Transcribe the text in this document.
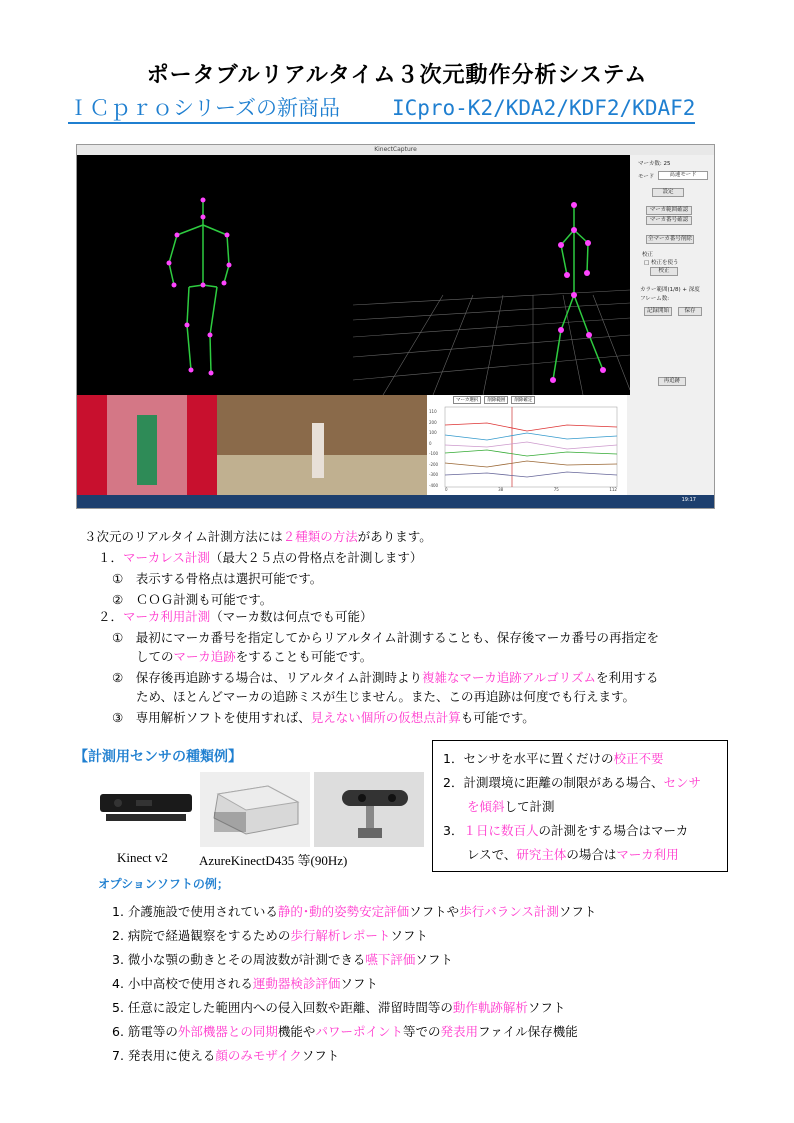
ポータブルリアルタイム３次元動作分析システム
ＩＣｐｒｏシリーズの新商品 ICpro-K2/KDA2/KDF2/KDAF2
KinectCapture
マーカ数: 25
モード	高速モード
設定
マーカ範囲確認
マーカ番号確認
全マーカ番号削除
校正
□ 校正を使う
校正
カラー範囲(1/8) + 深度
フレーム数:
記録開始	保存
再追跡
マーカ選択	削除範囲	削除確定
110
200
100
0
-100
-200
-300
-400
0	38	75	112
19:17
３次元のリアルタイム計測方法には２種類の方法があります。
１．マーカレス計測（最大２５点の骨格点を計測します）
①　 表示する骨格点は選択可能です。
②　 ＣＯＧ計測も可能です。
２．マーカ利用計測（マーカ数は何点でも可能）
①　 最初にマーカ番号を指定してからリアルタイム計測することも、保存後マーカ番号の再指定を
してのマーカ追跡をすることも可能です。
②　 保存後再追跡する場合は、リアルタイム計測時より複雑なマーカ追跡アルゴリズムを利用する
ため、ほとんどマーカの追跡ミスが生じません。また、この再追跡は何度でも行えます。
③　 専用解析ソフトを使用すれば、見えない個所の仮想点計算も可能です。
【計測用センサの種類例】
Kinect v2 AzureKinectD435 等(90Hz)
1．センサを水平に置くだけの校正不要
2．計測環境に距離の制限がある場合、センサ
を傾斜して計測
3．１日に数百人の計測をする場合はマーカ
レスで、研究主体の場合はマーカ利用
オプションソフトの例；
1. 介護施設で使用されている静的･動的姿勢安定評価ソフトや歩行バランス計測ソフト
2. 病院で経過観察をするための歩行解析レポートソフト
3. 微小な顎の動きとその周波数が計測できる嚥下評価ソフト
4. 小中高校で使用される運動器検診評価ソフト
5. 任意に設定した範囲内への侵入回数や距離、滞留時間等の動作軌跡解析ソフト
6. 筋電等の外部機器との同期機能やパワーポイント等での発表用ファイル保存機能
7. 発表用に使える顔のみモザイクソフト
